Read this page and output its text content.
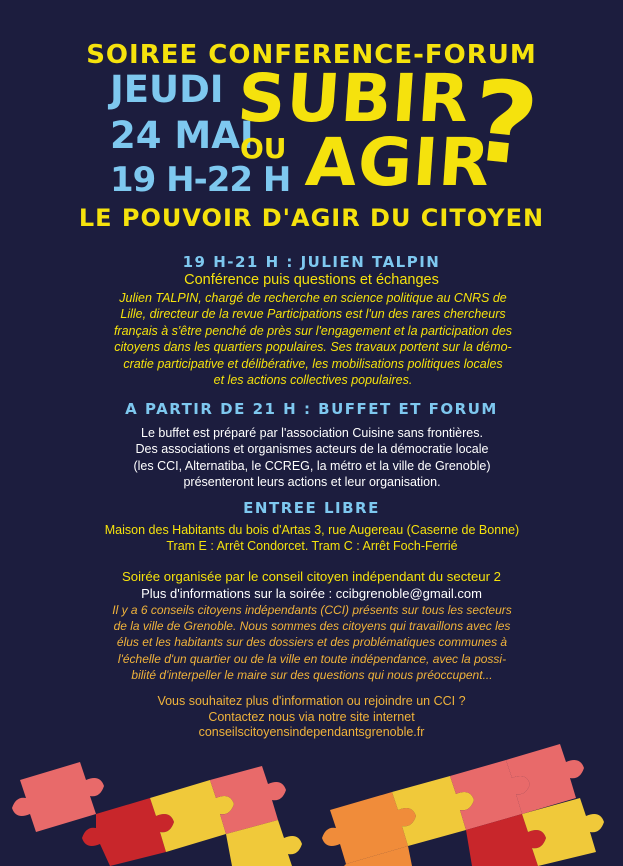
SOIREE CONFERENCE-FORUM
JEUDI
24 MAI
19 H-22 H
SUBIR
OU AGIR
?
LE POUVOIR D'AGIR DU CITOYEN
19 H-21 H : JULIEN TALPIN
Conférence puis questions et échanges
Julien TALPIN, chargé de recherche en science politique au CNRS de
Lille, directeur de la revue Participations est l'un des rares chercheurs
français à s'être penché de près sur l'engagement et la participation des
citoyens dans les quartiers populaires. Ses travaux portent sur la démo-
cratie participative et délibérative, les mobilisations politiques locales
et les actions collectives populaires.
A PARTIR DE 21 H : BUFFET ET FORUM
Le buffet est préparé par l'association Cuisine sans frontières.
Des associations et organismes acteurs de la démocratie locale
(les CCI, Alternatiba, le CCREG, la métro et la ville de Grenoble)
présenteront leurs actions et leur organisation.
ENTREE LIBRE
Maison des Habitants du bois d'Artas 3, rue Augereau (Caserne de Bonne)
Tram E : Arrêt Condorcet. Tram C : Arrêt Foch-Ferrié
Soirée organisée par le conseil citoyen indépendant du secteur 2
Plus d'informations sur la soirée : ccibgrenoble@gmail.com
Il y a 6 conseils citoyens indépendants (CCI) présents sur tous les secteurs
de la ville de Grenoble. Nous sommes des citoyens qui travaillons avec les
élus et les habitants sur des dossiers et des problématiques communes à
l'échelle d'un quartier ou de la ville en toute indépendance, avec la possi-
bilité d'interpeller le maire sur des questions qui nous préoccupent...
Vous souhaitez plus d'information ou rejoindre un CCI ?
Contactez nous via notre site internet
conseilscitoyensindependantsgrenoble.fr
